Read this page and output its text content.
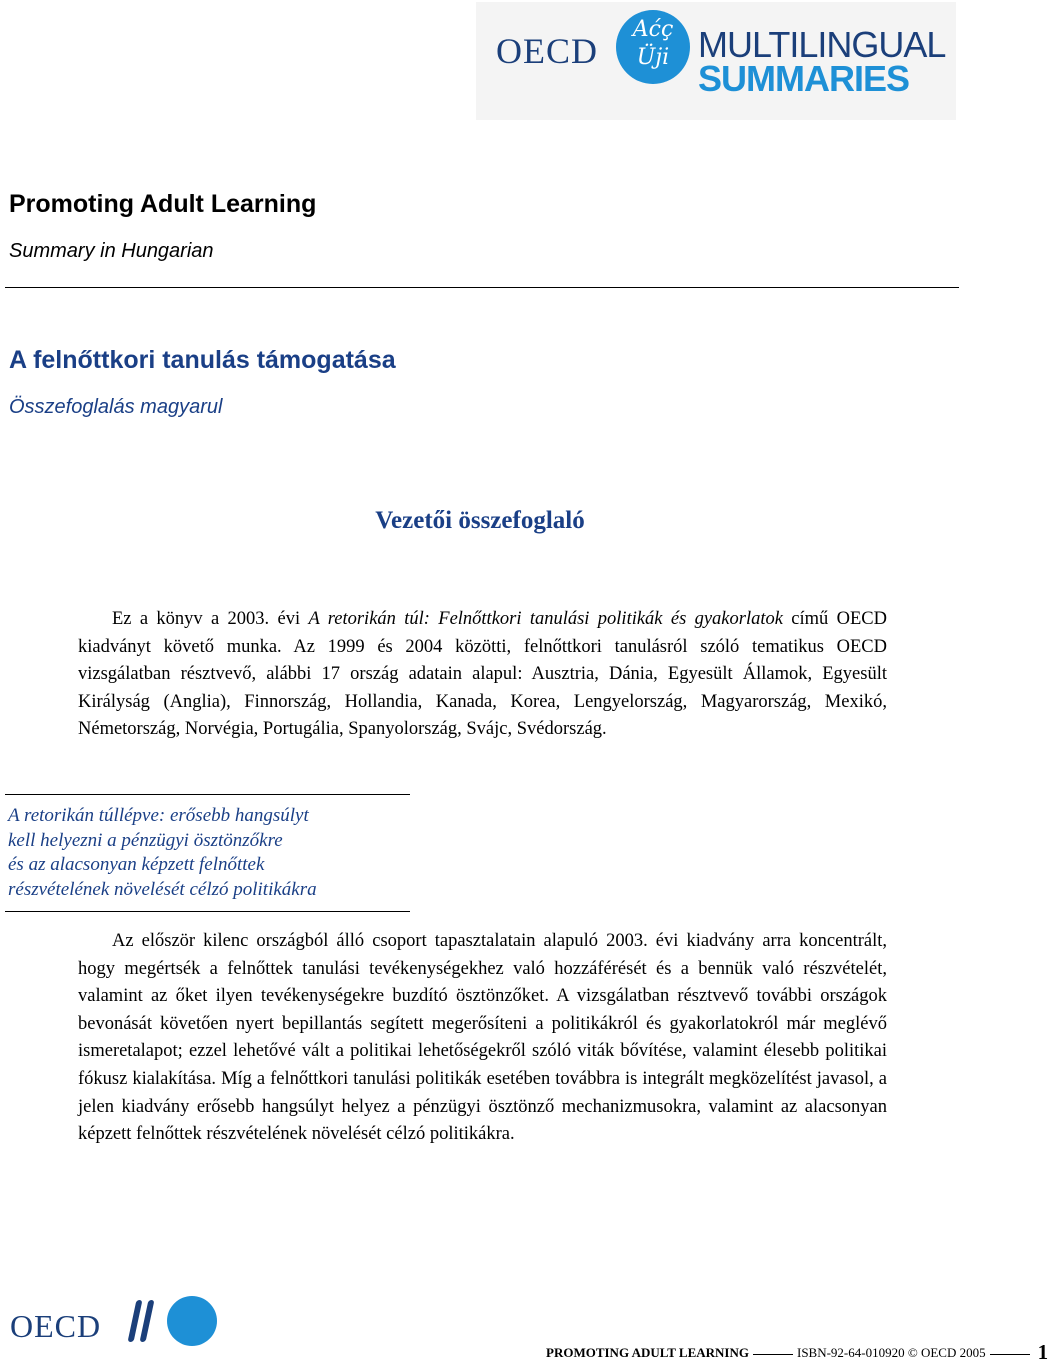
OECD
Aćç Üji MULTILINGUAL
SUMMARIES
Promoting Adult Learning

Summary in Hungarian

A felnőttkori tanulás támogatása

Összefoglalás magyarul

Vezetői összefoglaló

Ez a könyv a 2003. évi A retorikán túl: Felnőttkori tanulási politikák és gyakorlatok című OECD kiadványt követő munka. Az 1999 és 2004 közötti, felnőttkori tanulásról szóló tematikus OECD vizsgálatban résztvevő, alábbi 17 ország adatain alapul: Ausztria, Dánia, Egyesült Államok, Egyesült Királyság (Anglia), Finnország, Hollandia, Kanada, Korea, Lengyelország, Magyarország, Mexikó, Németország, Norvégia, Portugália, Spanyolország, Svájc, Svédország.

A retorikán túllépve: erősebb hangsúlyt
kell helyezni a pénzügyi ösztönzőkre
és az alacsonyan képzett felnőttek
részvételének növelését célzó politikákra

Az először kilenc országból álló csoport tapasztalatain alapuló 2003. évi kiadvány arra koncentrált, hogy megértsék a felnőttek tanulási tevékenységekhez való hozzáférését és a bennük való részvételét, valamint az őket ilyen tevékenységekre buzdító ösztönzőket. A vizsgálatban résztvevő további országok bevonását követően nyert bepillantás segített megerősíteni a politikákról és gyakorlatokról már meglévő ismeretalapot; ezzel lehetővé vált a politikai lehetőségekről szóló viták bővítése, valamint élesebb politikai fókusz kialakítása. Míg a felnőttkori tanulási politikák esetében továbbra is integrált megközelítést javasol, a jelen kiadvány erősebb hangsúlyt helyez a pénzügyi ösztönző mechanizmusokra, valamint az alacsonyan képzett felnőttek részvételének növelését célzó politikákra.

OECD
PROMOTING ADULT LEARNING	ISBN-92-64-010920 © OECD 2005 1
